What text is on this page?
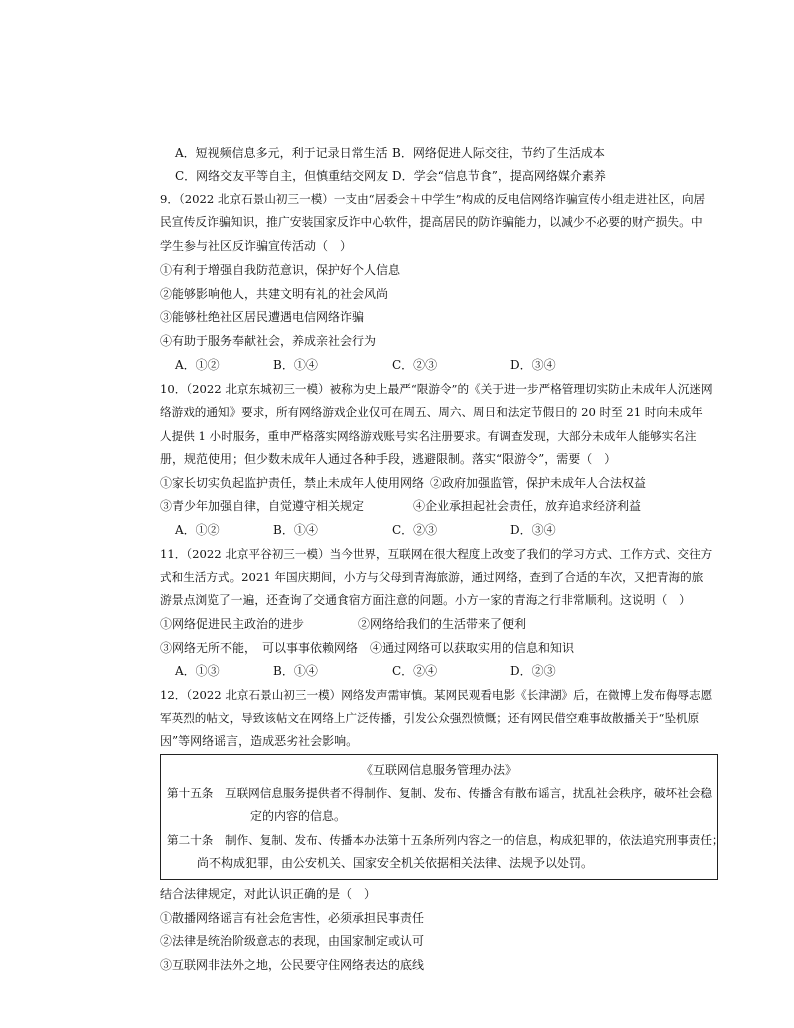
A．短视频信息多元，利于记录日常生活 B．网络促进人际交往，节约了生活成本
C．网络交友平等自主，但慎重结交网友 D．学会“信息节食”，提高网络媒介素养
9．（2022 北京石景山初三一模）一支由“居委会＋中学生”构成的反电信网络诈骗宣传小组走进社区，向居
民宣传反诈骗知识，推广安装国家反诈中心软件，提高居民的防诈骗能力，以减少不必要的财产损失。中
学生参与社区反诈骗宣传活动（　）
①有利于增强自我防范意识，保护好个人信息
②能够影响他人，共建文明有礼的社会风尚
③能够杜绝社区居民遭遇电信网络诈骗
④有助于服务奉献社会，养成亲社会行为
A．①②	B．①④	C．②③	D．③④
10．（2022 北京东城初三一模）被称为史上最严“限游令”的《关于进一步严格管理切实防止未成年人沉迷网
络游戏的通知》要求，所有网络游戏企业仅可在周五、周六、周日和法定节假日的 20 时至 21 时向未成年
人提供 1 小时服务，重申严格落实网络游戏账号实名注册要求。有调查发现，大部分未成年人能够实名注
册，规范使用；但少数未成年人通过各种手段，逃避限制。落实“限游令”，需要（　）
①家长切实负起监护责任，禁止未成年人使用网络 ②政府加强监管，保护未成年人合法权益
③青少年加强自律，自觉遵守相关规定	④企业承担起社会责任，放弃追求经济利益
A．①②	B．①④	C．②③	D．③④
11．（2022 北京平谷初三一模）当今世界，互联网在很大程度上改变了我们的学习方式、工作方式、交往方
式和生活方式。2021 年国庆期间，小方与父母到青海旅游，通过网络，查到了合适的车次，又把青海的旅
游景点浏览了一遍，还查询了交通食宿方面注意的问题。小方一家的青海之行非常顺利。这说明（　）
①网络促进民主政治的进步	②网络给我们的生活带来了便利
③网络无所不能，　可以事事依赖网络 ④通过网络可以获取实用的信息和知识
A．①③	B．①④	C．②④	D．②③
12．（2022 北京石景山初三一模）网络发声需审慎。某网民观看电影《长津湖》后，在微博上发布侮辱志愿
军英烈的帖文，导致该帖文在网络上广泛传播，引发公众强烈愤慨；还有网民借空难事故散播关于“坠机原
因”等网络谣言，造成恶劣社会影响。
《互联网信息服务管理办法》
第十五条　互联网信息服务提供者不得制作、复制、发布、传播含有散布谣言，扰乱社会秩序，破坏社会稳
定的内容的信息。
第二十条　制作、复制、发布、传播本办法第十五条所列内容之一的信息，构成犯罪的，依法追究刑事责任；
尚不构成犯罪，由公安机关、国家安全机关依据相关法律、法规予以处罚。
结合法律规定，对此认识正确的是（　）
①散播网络谣言有社会危害性，必须承担民事责任
②法律是统治阶级意志的表现，由国家制定或认可
③互联网非法外之地，公民要守住网络表达的底线
